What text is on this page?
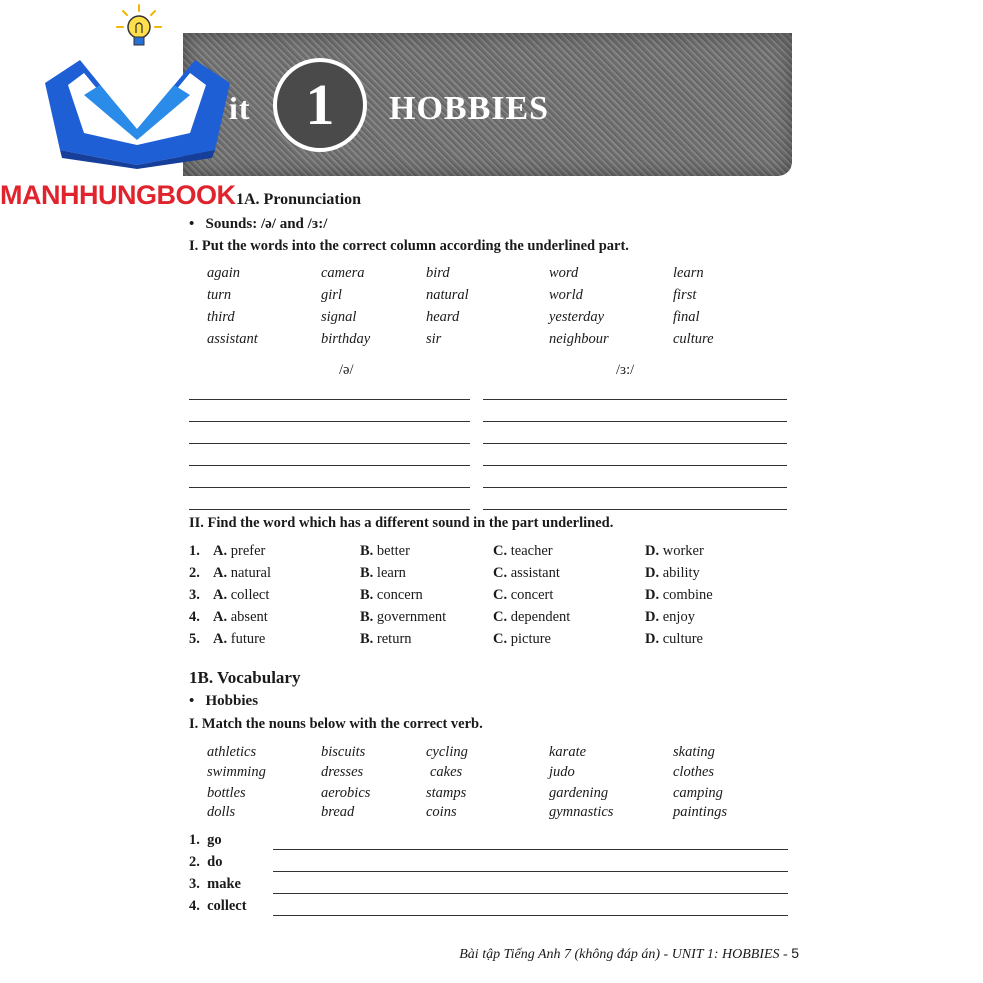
it 1	HOBBIES
MANHHUNGBOOK 1A. Pronunciation
•   Sounds: /ə/ and /ɜ:/
I. Put the words into the correct column according the underlined part.
again	camera	bird	word	learn
turn	girl	natural	world	first
third	signal	heard	yesterday	final
assistant	birthday	sir	neighbour	culture
/ə/	/ɜ:/
II. Find the word which has a different sound in the part underlined.
1. A. prefer	B. better	C. teacher	D. worker
2. A. natural	B. learn	C. assistant	D. ability
3. A. collect	B. concern	C. concert	D. combine
4. A. absent	B. government	C. dependent	D. enjoy
5. A. future	B. return	C. picture	D. culture
1B. Vocabulary
•   Hobbies
I. Match the nouns below with the correct verb.
athletics	biscuits	cycling	karate	skating
swimming	dresses	cakes	judo	clothes
bottles	aerobics	stamps	gardening	camping
dolls	bread	coins	gymnastics	paintings
1. go
2. do
3. make
4. collect
Bài tập Tiếng Anh 7 (không đáp án) - UNIT 1: HOBBIES - 5
